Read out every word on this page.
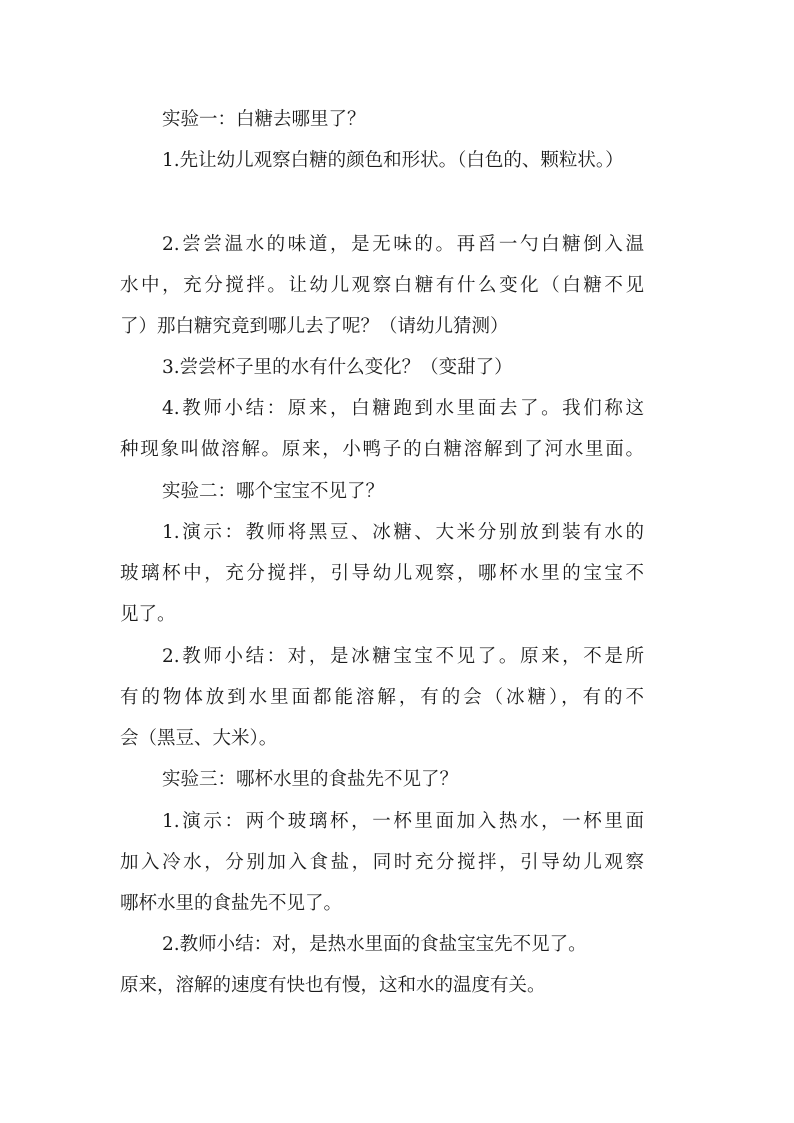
实验一：白糖去哪里了？
1.先让幼儿观察白糖的颜色和形状。（白色的、颗粒状。）
2.尝尝温水的味道，是无味的。再舀一勺白糖倒入温
水中，充分搅拌。让幼儿观察白糖有什么变化（白糖不见
了）那白糖究竟到哪儿去了呢？（请幼儿猜测）
3.尝尝杯子里的水有什么变化？（变甜了）
4.教师小结：原来，白糖跑到水里面去了。我们称这
种现象叫做溶解。原来，小鸭子的白糖溶解到了河水里面。
实验二：哪个宝宝不见了？
1.演示：教师将黑豆、冰糖、大米分别放到装有水的
玻璃杯中，充分搅拌，引导幼儿观察，哪杯水里的宝宝不
见了。
2.教师小结：对，是冰糖宝宝不见了。原来，不是所
有的物体放到水里面都能溶解，有的会（冰糖），有的不
会（黑豆、大米）。
实验三：哪杯水里的食盐先不见了？
1.演示：两个玻璃杯，一杯里面加入热水，一杯里面
加入冷水，分别加入食盐，同时充分搅拌，引导幼儿观察
哪杯水里的食盐先不见了。
2.教师小结：对，是热水里面的食盐宝宝先不见了。
原来，溶解的速度有快也有慢，这和水的温度有关。
